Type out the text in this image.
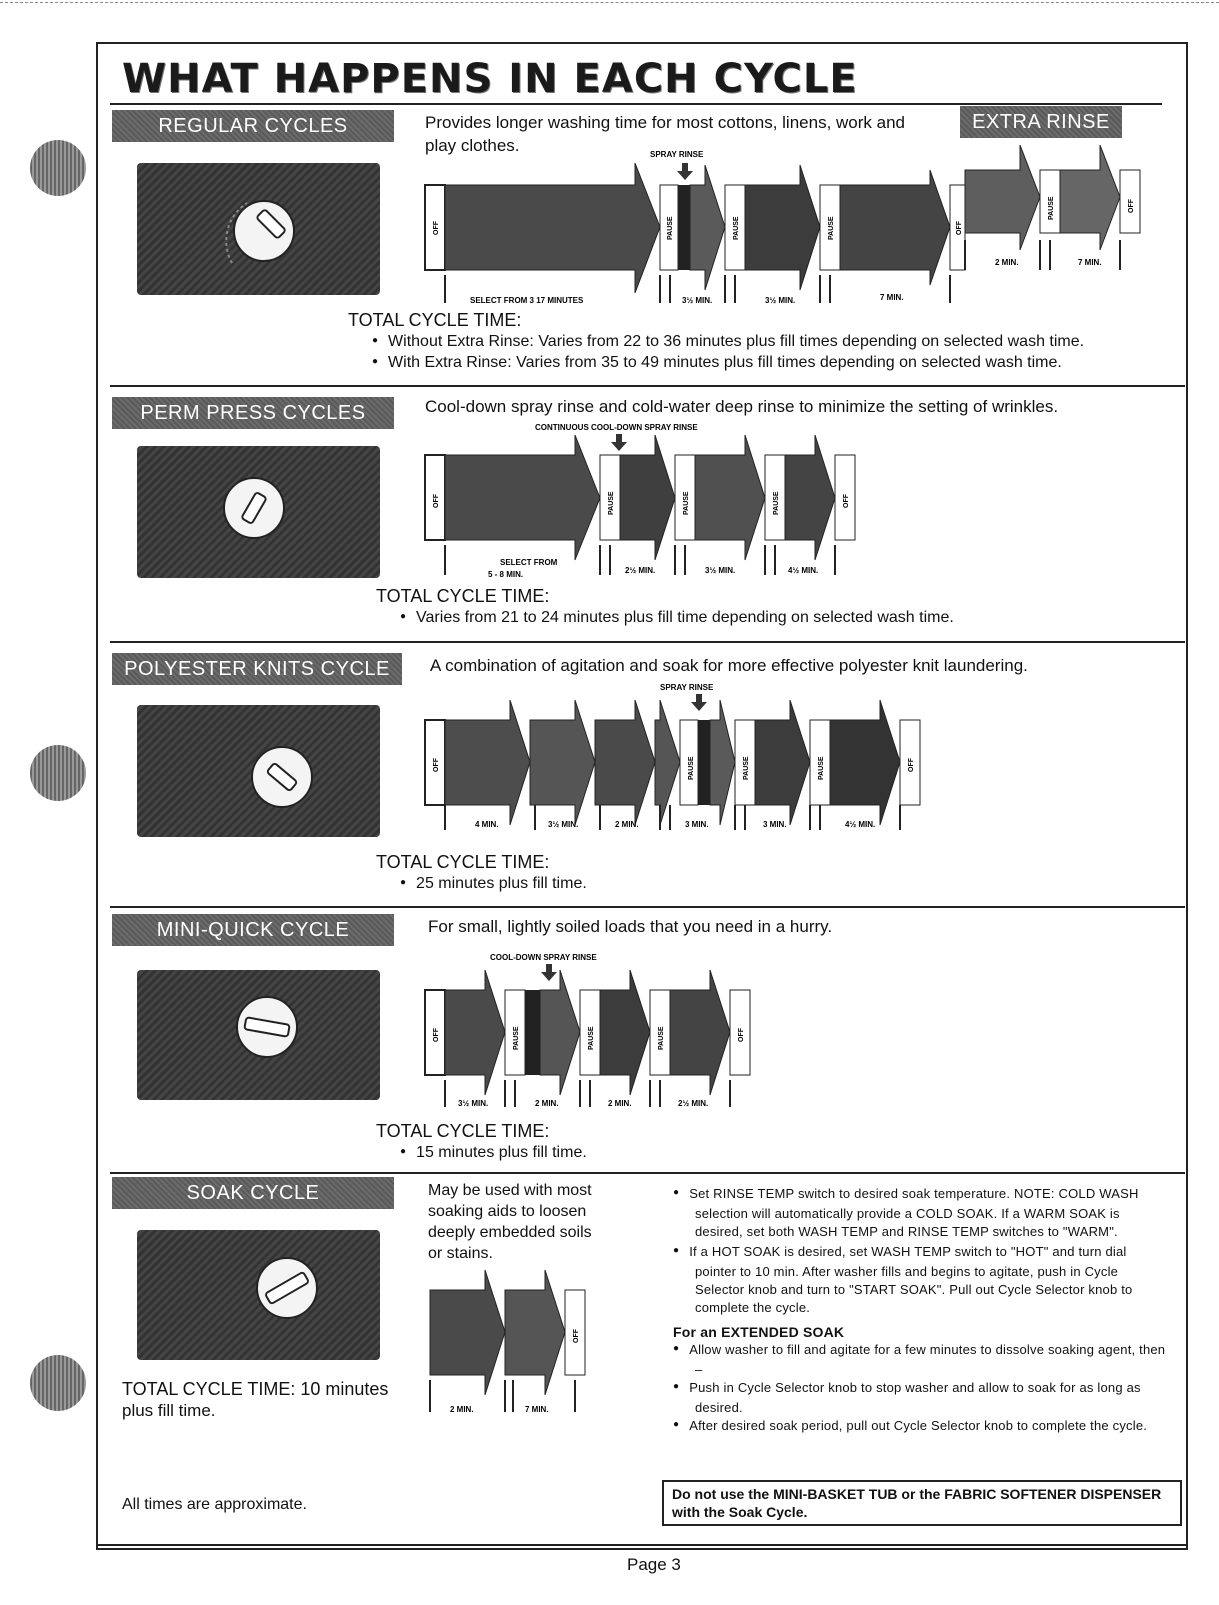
WHAT HAPPENS IN EACH CYCLE
REGULAR CYCLES	EXTRA RINSE
Provides longer washing time for most cottons, linens, work and
play clothes.	SPRAY RINSE
OFF	PAUSE	PAUSE	PAUSE	OFF
PAUSE	OFF
SELECT FROM 3 17 MINUTES	3½ MIN.	3½ MIN.	7 MIN.
2 MIN.	7 MIN.
TOTAL CYCLE TIME:
● Without Extra Rinse: Varies from 22 to 36 minutes plus fill times depending on selected wash time.
● With Extra Rinse: Varies from 35 to 49 minutes plus fill times depending on selected wash time.
PERM PRESS CYCLES	Cool-down spray rinse and cold-water deep rinse to minimize the setting of wrinkles.
CONTINUOUS COOL-DOWN SPRAY RINSE
OFF	PAUSE	PAUSE	PAUSE	OFF
SELECT FROM
5 - 8 MIN.	2½ MIN.	3½ MIN.	4½ MIN.
TOTAL CYCLE TIME:
● Varies from 21 to 24 minutes plus fill time depending on selected wash time.
POLYESTER KNITS CYCLE	A combination of agitation and soak for more effective polyester knit laundering.
SPRAY RINSE
OFF	PAUSE	PAUSE	PAUSE	OFF
4 MIN.	3½ MIN.	2 MIN.	3 MIN.	3 MIN.	4½ MIN.
TOTAL CYCLE TIME:
● 25 minutes plus fill time.
MINI-QUICK CYCLE	For small, lightly soiled loads that you need in a hurry.
COOL-DOWN SPRAY RINSE
OFF	PAUSE	PAUSE	PAUSE	OFF
3½ MIN.	2 MIN.	2 MIN.	2½ MIN.
TOTAL CYCLE TIME:
● 15 minutes plus fill time.
SOAK CYCLE	May be used with most
soaking aids to loosen
deeply embedded soils
or stains.
OFF
2 MIN.	7 MIN.
TOTAL CYCLE TIME: 10 minutes
plus fill time.
All times are approximate.

● Set RINSE TEMP switch to desired soak temperature. NOTE: COLD WASH selection will automatically provide a COLD SOAK. If a WARM SOAK is desired, set both WASH TEMP and RINSE TEMP switches to "WARM".

● If a HOT SOAK is desired, set WASH TEMP switch to "HOT" and turn dial pointer to 10 min. After washer fills and begins to agitate, push in Cycle Selector knob and turn to "START SOAK". Pull out Cycle Selector knob to complete the cycle.

For an EXTENDED SOAK

● Allow washer to fill and agitate for a few minutes to dissolve soaking agent, then –

● Push in Cycle Selector knob to stop washer and allow to soak for as long as desired.

● After desired soak period, pull out Cycle Selector knob to complete the cycle.

Do not use the MINI-BASKET TUB or the FABRIC SOFTENER DISPENSER with the Soak Cycle.
Page 3
